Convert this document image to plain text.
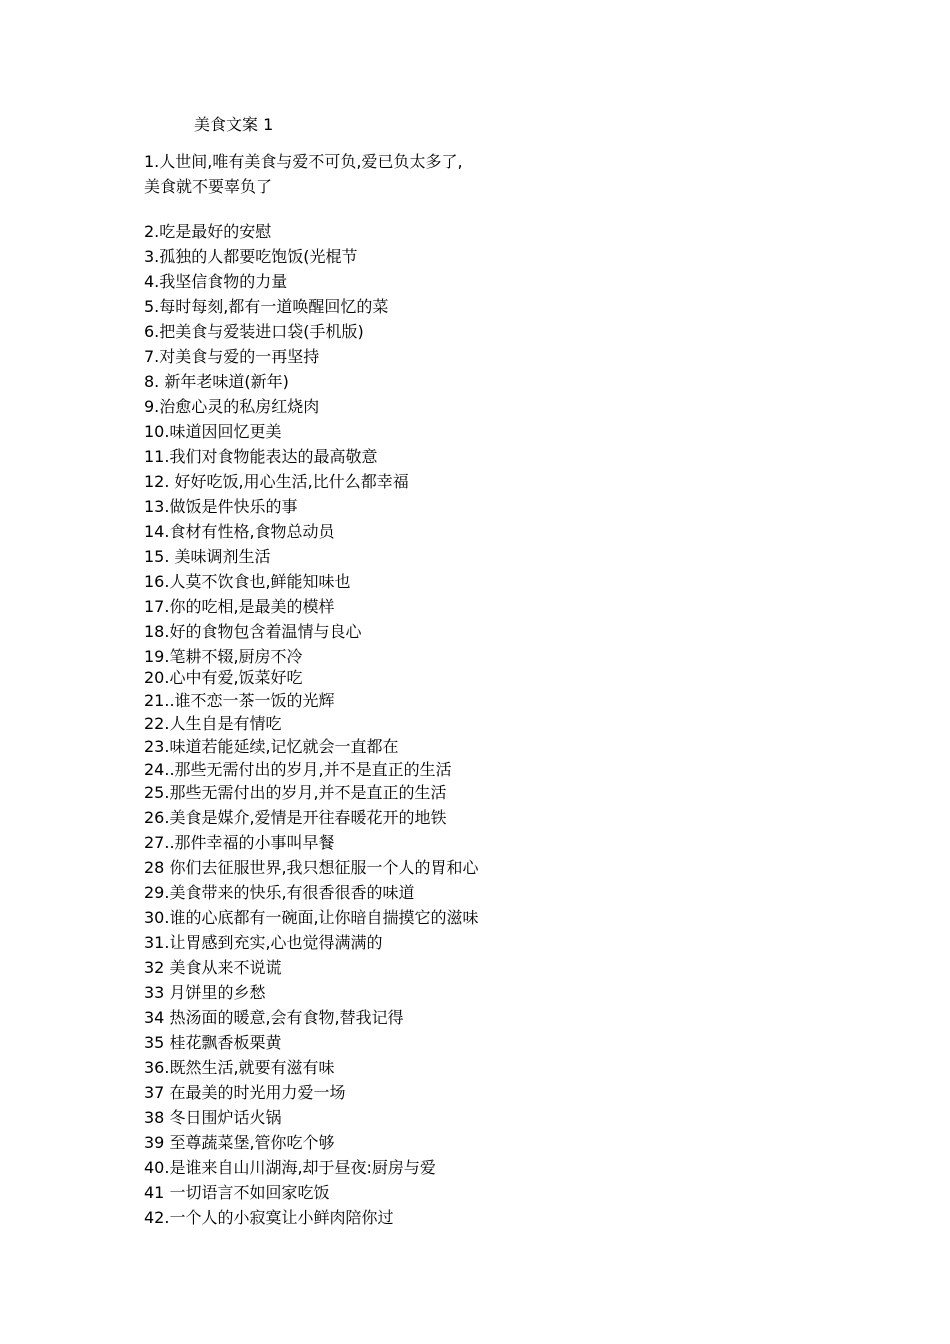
美食文案 1
1.人世间,唯有美食与爱不可负,爱已负太多了,
美食就不要辜负了
2.吃是最好的安慰
3.孤独的人都要吃饱饭(光棍节
4.我坚信食物的力量
5.每时每刻,都有一道唤醒回忆的菜
6.把美食与爱装进口袋(手机版)
7.对美食与爱的一再坚持
8. 新年老味道(新年)
9.治愈心灵的私房红烧肉
10.味道因回忆更美
11.我们对食物能表达的最高敬意
12. 好好吃饭,用心生活,比什么都幸福
13.做饭是件快乐的事
14.食材有性格,食物总动员
15. 美味调剂生活
16.人莫不饮食也,鲜能知味也
17.你的吃相,是最美的模样
18.好的食物包含着温情与良心
19.笔耕不辍,厨房不冷
20.心中有爱,饭菜好吃
21..谁不恋一茶一饭的光辉
22.人生自是有情吃
23.味道若能延续,记忆就会一直都在
24..那些无需付出的岁月,并不是直正的生活
25.那些无需付出的岁月,并不是直正的生活
26.美食是媒介,爱情是开往春暖花开的地铁
27..那件幸福的小事叫早餐
28 你们去征服世界,我只想征服一个人的胃和心
29.美食带来的快乐,有很香很香的味道
30.谁的心底都有一碗面,让你暗自揣摸它的滋味
31.让胃感到充实,心也觉得满满的
32 美食从来不说谎
33 月饼里的乡愁
34 热汤面的暖意,会有食物,替我记得
35 桂花飘香板栗黄
36.既然生活,就要有滋有味
37 在最美的时光用力爱一场
38 冬日围炉话火锅
39 至尊蔬菜堡,管你吃个够
40.是谁来自山川湖海,却于昼夜:厨房与爱
41 一切语言不如回家吃饭
42.一个人的小寂寞让小鲜肉陪你过
